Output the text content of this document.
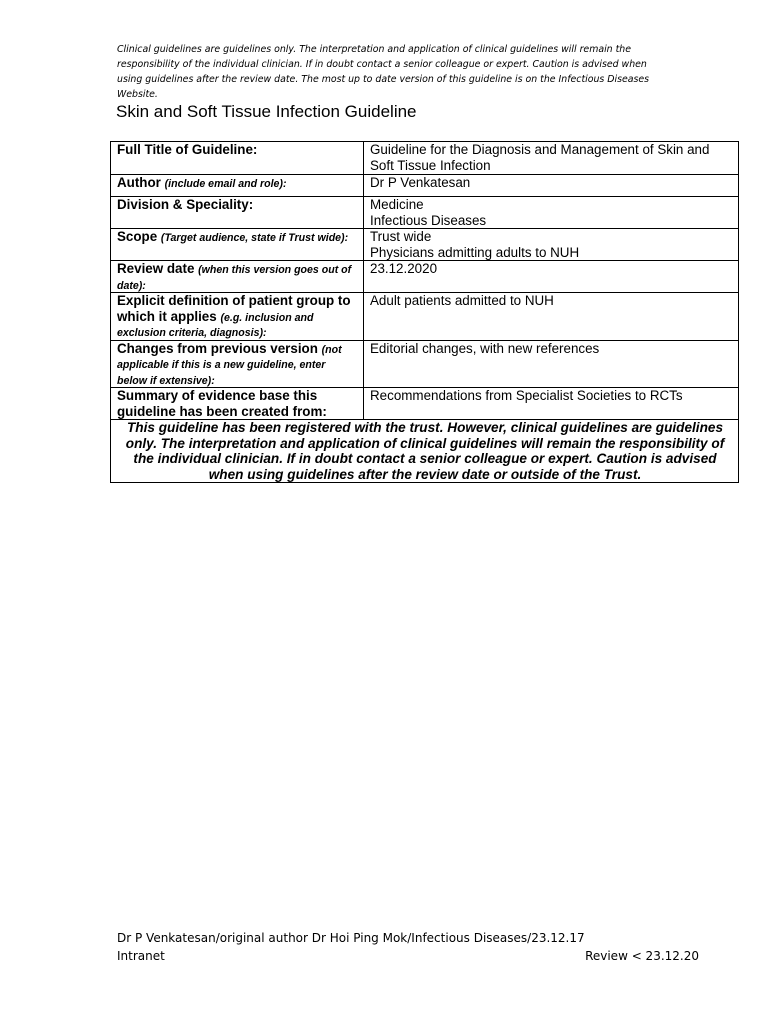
Clinical guidelines are guidelines only. The interpretation and application of clinical guidelines will remain the responsibility of the individual clinician. If in doubt contact a senior colleague or expert. Caution is advised when using guidelines after the review date. The most up to date version of this guideline is on the Infectious Diseases Website.
Skin and Soft Tissue Infection Guideline
Full Title of Guideline:	Guideline for the Diagnosis and Management of Skin and Soft Tissue Infection

Author (include email and role):	Dr P Venkatesan

Division & Speciality:	Medicine
Infectious Diseases

Scope (Target audience, state if Trust wide):	Trust wide
Physicians admitting adults to NUH

Review date (when this version goes out of date):	23.12.2020

Explicit definition of patient group to which it applies (e.g. inclusion and exclusion criteria, diagnosis):	Adult patients admitted to NUH

Changes from previous version (not applicable if this is a new guideline, enter below if extensive):	Editorial changes, with new references

Summary of evidence base this guideline has been created from:	Recommendations from Specialist Societies to RCTs

This guideline has been registered with the trust. However, clinical guidelines are guidelines only. The interpretation and application of clinical guidelines will remain the responsibility of the individual clinician. If in doubt contact a senior colleague or expert. Caution is advised when using guidelines after the review date or outside of the Trust.	
Dr P Venkatesan/original author Dr Hoi Ping Mok/Infectious Diseases/23.12.17
Intranet	Review < 23.12.20
